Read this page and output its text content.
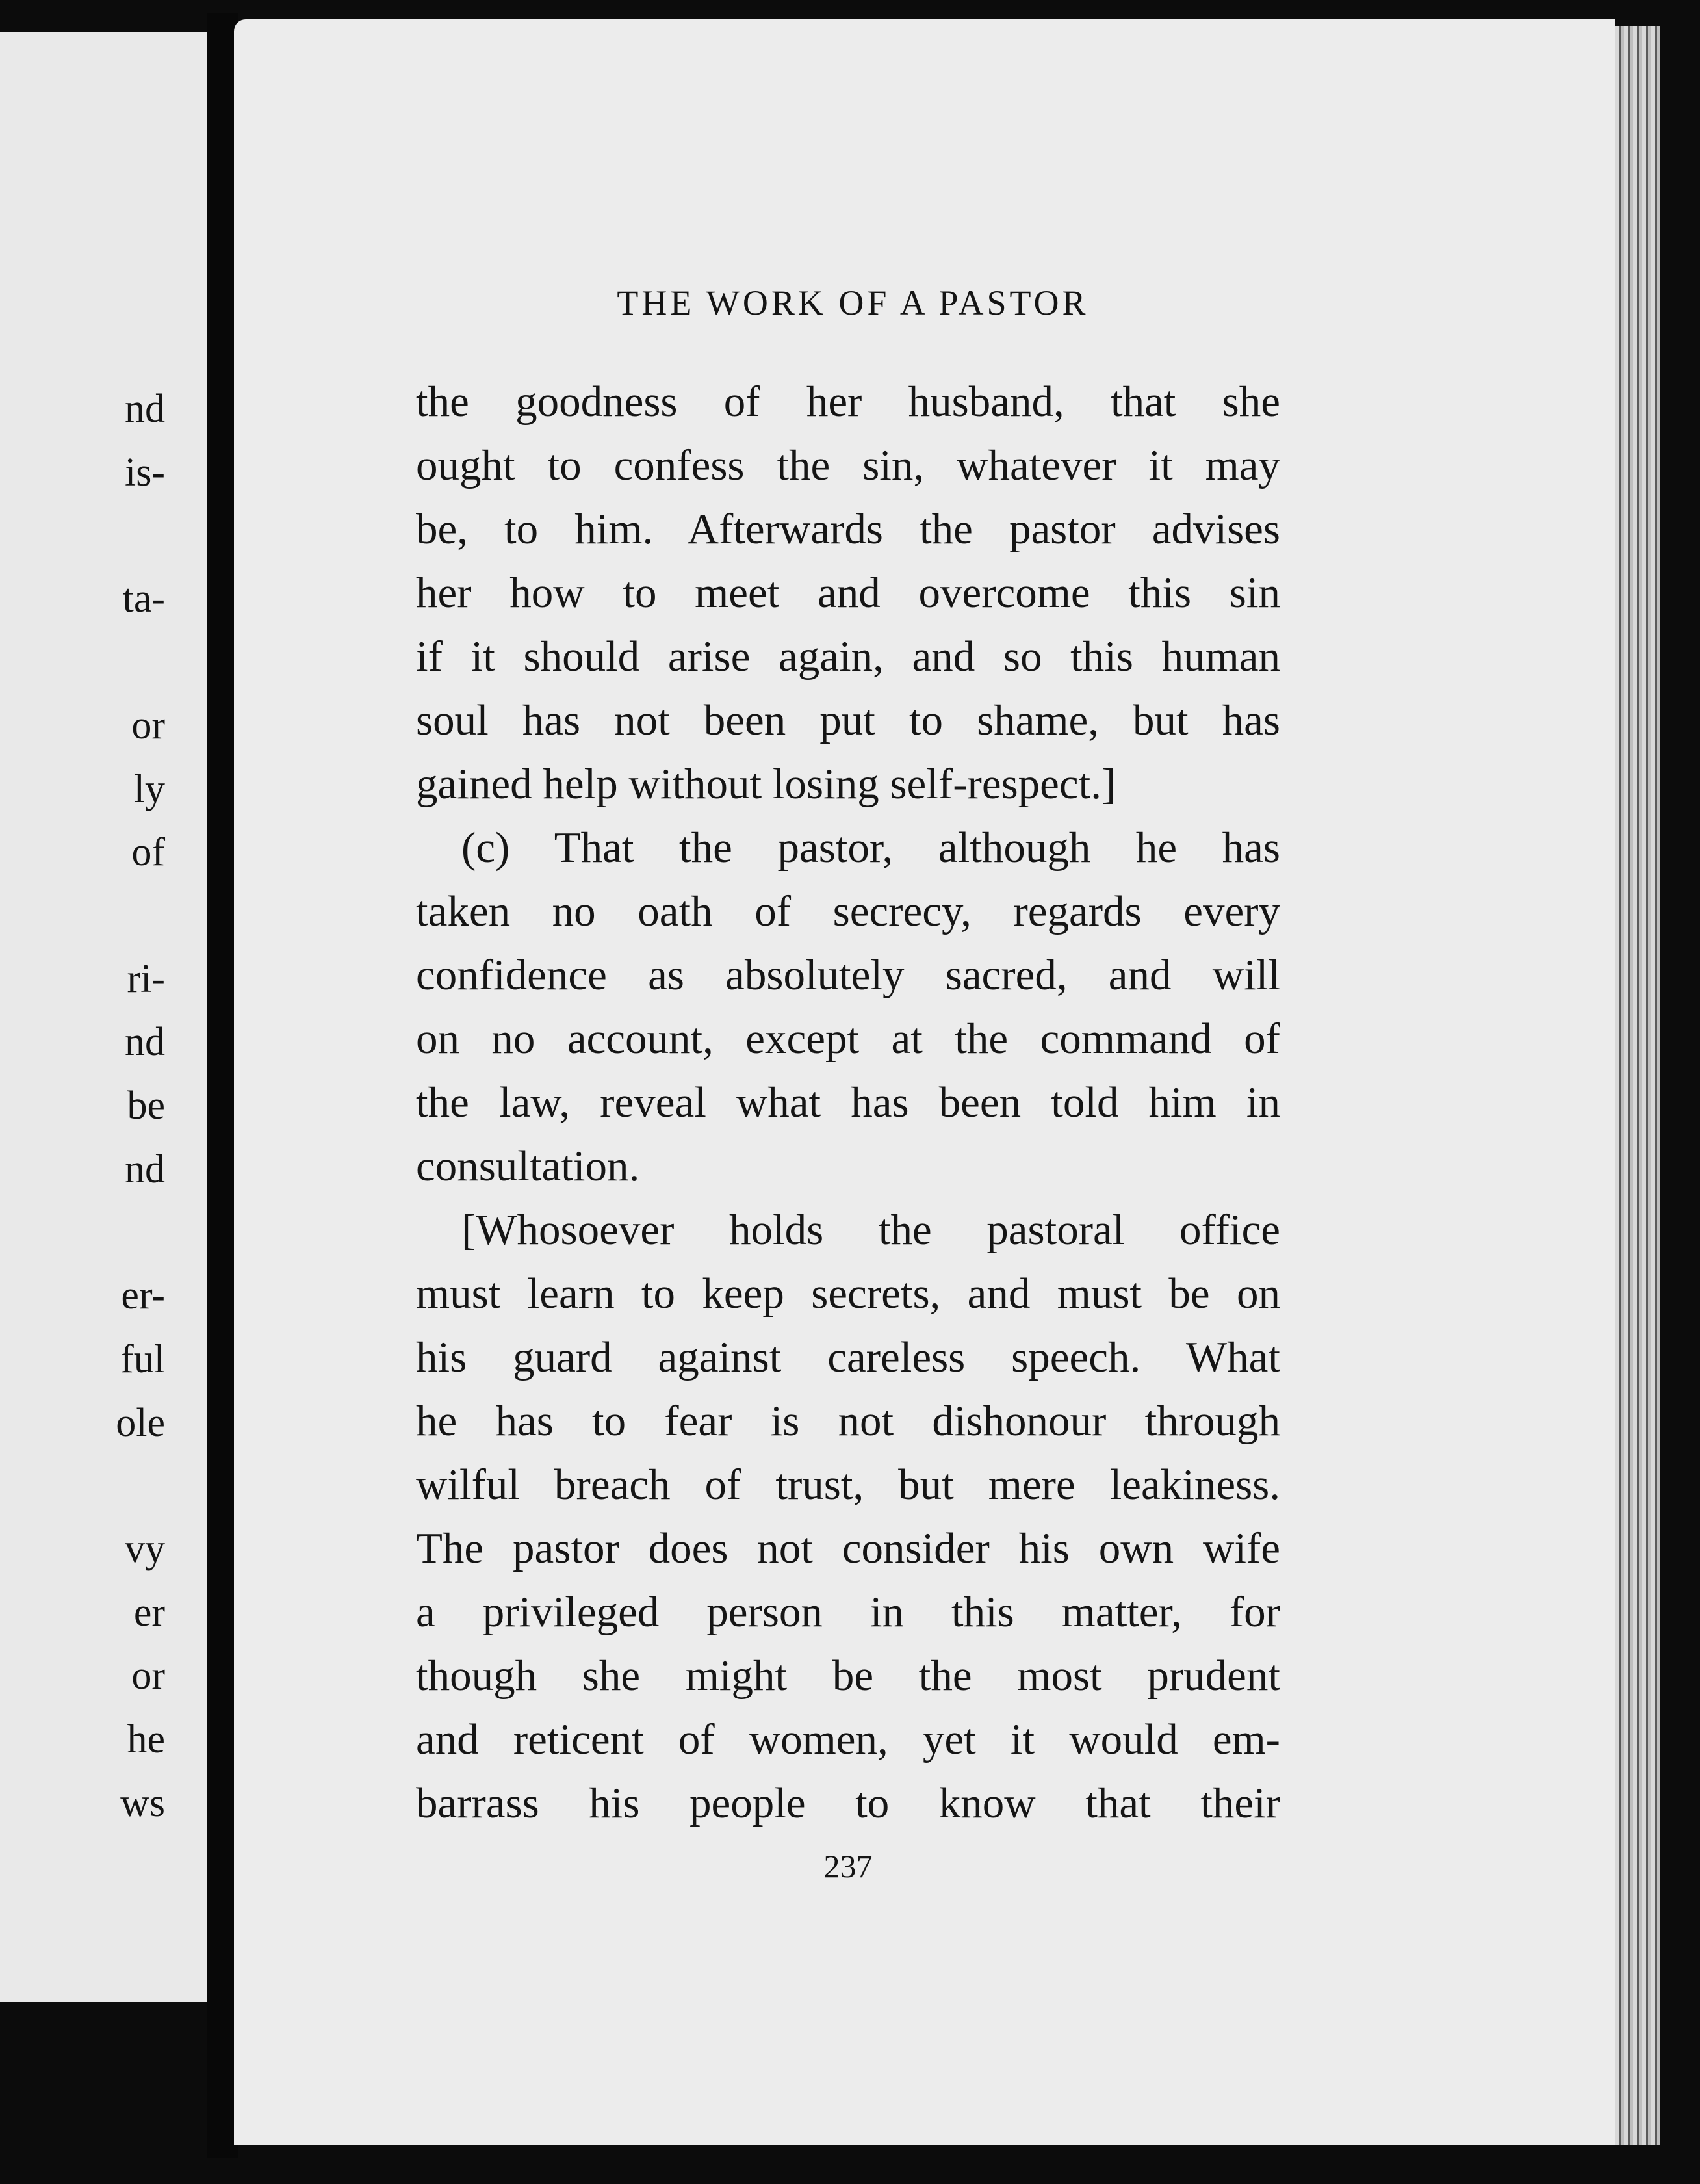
nd
is-
ta-
or
ly
of
ri-
nd
be
nd
er-
ful
ole
vy
er
or
he
ws
THE WORK OF A PASTOR
the goodness of her husband, that she
ought to confess the sin, whatever it may
be, to him. Afterwards the pastor advises
her how to meet and overcome this sin
if it should arise again, and so this human
soul has not been put to shame, but has
gained help without losing self-respect.]
(c) That the pastor, although he has
taken no oath of secrecy, regards every
confidence as absolutely sacred, and will
on no account, except at the command of
the law, reveal what has been told him in
consultation.
[Whosoever holds the pastoral office
must learn to keep secrets, and must be on
his guard against careless speech. What
he has to fear is not dishonour through
wilful breach of trust, but mere leakiness.
The pastor does not consider his own wife
a privileged person in this matter, for
though she might be the most prudent
and reticent of women, yet it would em-
barrass his people to know that their
237
